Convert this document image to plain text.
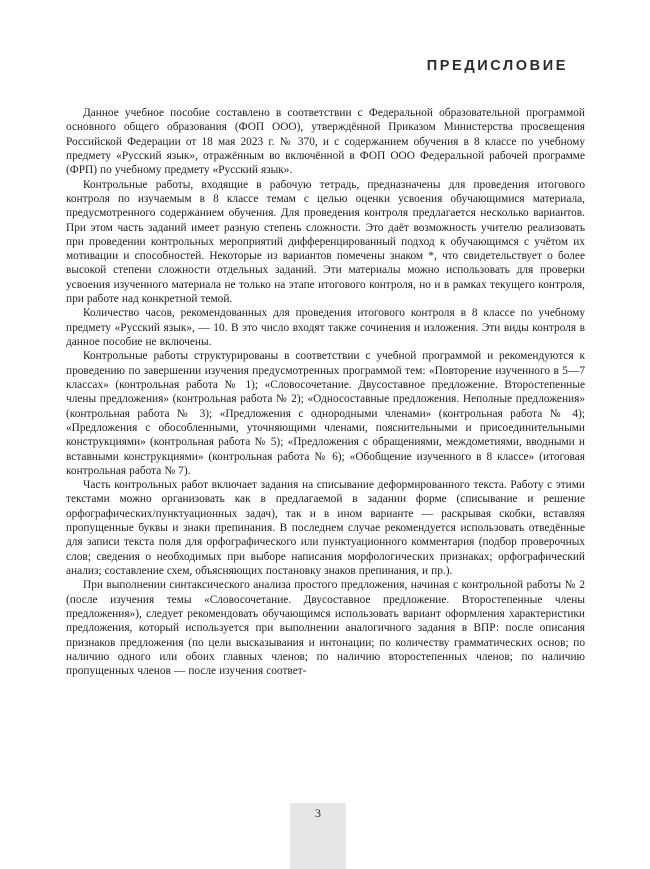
ПРЕДИСЛОВИЕ

Данное учебное пособие составлено в соответствии с Федеральной образовательной программой основного общего образования (ФОП ООО), утверждённой Приказом Министерства просвещения Российской Федерации от 18 мая 2023 г. № 370, и с содержанием обучения в 8 классе по учебному предмету «Русский язык», отражённым во включённой в ФОП ООО Федеральной рабочей программе (ФРП) по учебному предмету «Русский язык».

Контрольные работы, входящие в рабочую тетрадь, предназначены для проведения итогового контроля по изучаемым в 8 классе темам с целью оценки усвоения обучающимися материала, предусмотренного содержанием обучения. Для проведения контроля предлагается несколько вариантов. При этом часть заданий имеет разную степень сложности. Это даёт возможность учителю реализовать при проведении контрольных мероприятий дифференцированный подход к обучающимся с учётом их мотивации и способностей. Некоторые из вариантов помечены знаком *, что свидетельствует о более высокой степени сложности отдельных заданий. Эти материалы можно использовать для проверки усвоения изученного материала не только на этапе итогового контроля, но и в рамках текущего контроля, при работе над конкретной темой.

Количество часов, рекомендованных для проведения итогового контроля в 8 классе по учебному предмету «Русский язык», — 10. В это число входят также сочинения и изложения. Эти виды контроля в данное пособие не включены.

Контрольные работы структурированы в соответствии с учебной программой и рекомендуются к проведению по завершении изучения предусмотренных программой тем: «Повторение изученного в 5—7 классах» (контрольная работа № 1); «Словосочетание. Двусоставное предложение. Второстепенные члены предложения» (контрольная работа № 2); «Односоставные предложения. Неполные предложения» (контрольная работа № 3); «Предложения с однородными членами» (контрольная работа № 4); «Предложения с обособленными, уточняющими членами, пояснительными и присоединительными конструкциями» (контрольная работа № 5); «Предложения с обращениями, междометиями, вводными и вставными конструкциями» (контрольная работа № 6); «Обобщение изученного в 8 классе» (итоговая контрольная работа № 7).

Часть контрольных работ включает задания на списывание деформированного текста. Работу с этими текстами можно организовать как в предлагаемой в задании форме (списывание и решение орфографических/пунктуационных задач), так и в ином варианте — раскрывая скобки, вставляя пропущенные буквы и знаки препинания. В последнем случае рекомендуется использовать отведённые для записи текста поля для орфографического или пунктуационного комментария (подбор проверочных слов; сведения о необходимых при выборе написания морфологических признаках; орфографический анализ; составление схем, объясняющих постановку знаков препинания, и пр.).

При выполнении синтаксического анализа простого предложения, начиная с контрольной работы № 2 (после изучения темы «Словосочетание. Двусоставное предложение. Второстепенные члены предложения»), следует рекомендовать обучающимся использовать вариант оформления характеристики предложения, который используется при выполнении аналогичного задания в ВПР: после описания признаков предложения (по цели высказывания и интонации; по количеству грамматических основ; по наличию одного или обоих главных членов; по наличию второстепенных членов; по наличию пропущенных членов — после изучения соответ-

3
